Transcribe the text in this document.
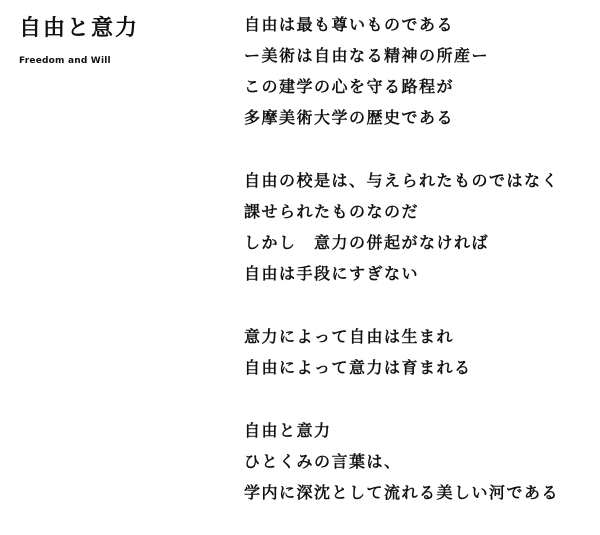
自由と意力
Freedom and Will
自由は最も尊いものである
ー美術は自由なる精神の所産ー
この建学の心を守る路程が
多摩美術大学の歴史である
自由の校是は、与えられたものではなく
課せられたものなのだ
しかし　意力の併起がなければ
自由は手段にすぎない
意力によって自由は生まれ
自由によって意力は育まれる
自由と意力
ひとくみの言葉は、
学内に深沈として流れる美しい河である
